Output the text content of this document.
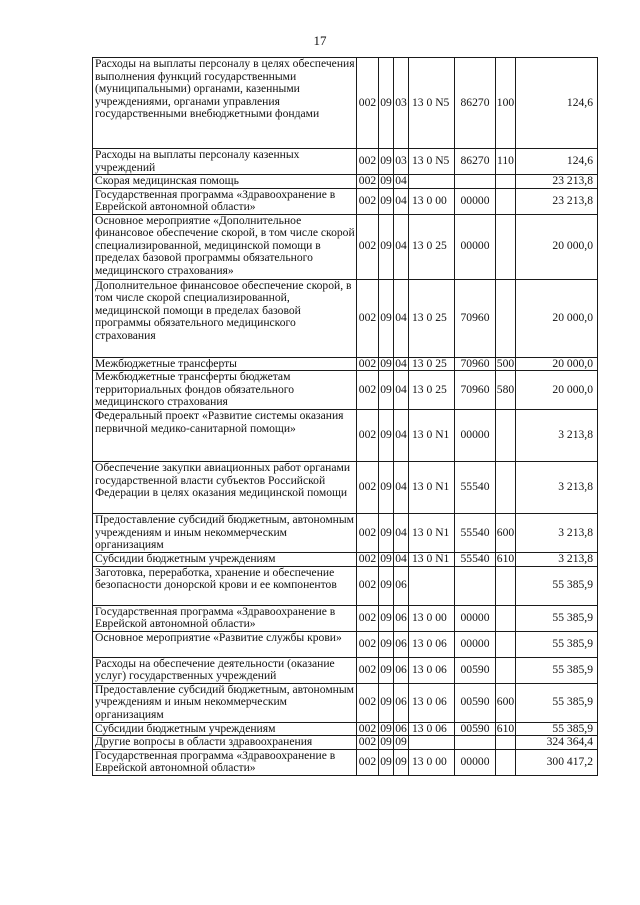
17
Расходы на выплаты персоналу в целях обеспечения выполнения функций государственными (муниципальными) органами, казенными учреждениями, органами управления государственными внебюджетными фондами	002	09	03	13 0 N5	86270	100	124,6
Расходы на выплаты персоналу казенных учреждений	002	09	03	13 0 N5	86270	110	124,6
Скорая медицинская помощь	002	09	04				23 213,8
Государственная программа «Здравоохранение в Еврейской автономной области»	002	09	04	13 0 00	00000		23 213,8
Основное мероприятие «Дополнительное финансовое обеспечение скорой, в том числе скорой специализированной, медицинской помощи в пределах базовой программы обязательного медицинского страхования»	002	09	04	13 0 25	00000		20 000,0
Дополнительное финансовое обеспечение скорой, в том числе скорой специализированной, медицинской помощи в пределах базовой программы обязательного медицинского страхования	002	09	04	13 0 25	70960		20 000,0
Межбюджетные трансферты	002	09	04	13 0 25	70960	500	20 000,0
Межбюджетные трансферты бюджетам территориальных фондов обязательного медицинского страхования	002	09	04	13 0 25	70960	580	20 000,0
Федеральный проект «Развитие системы оказания первичной медико-санитарной помощи»	002	09	04	13 0 N1	00000		3 213,8
Обеспечение закупки авиационных работ органами государственной власти субъектов Российской Федерации в целях оказания медицинской помощи	002	09	04	13 0 N1	55540		3 213,8
Предоставление субсидий бюджетным, автономным учреждениям и иным некоммерческим организациям	002	09	04	13 0 N1	55540	600	3 213,8
Субсидии бюджетным учреждениям	002	09	04	13 0 N1	55540	610	3 213,8
Заготовка, переработка, хранение и обеспечение безопасности донорской крови и ее компонентов	002	09	06				55 385,9
Государственная программа «Здравоохранение в Еврейской автономной области»	002	09	06	13 0 00	00000		55 385,9
Основное мероприятие «Развитие службы крови»	002	09	06	13 0 06	00000		55 385,9
Расходы на обеспечение деятельности (оказание услуг) государственных учреждений	002	09	06	13 0 06	00590		55 385,9
Предоставление субсидий бюджетным, автономным учреждениям и иным некоммерческим организациям	002	09	06	13 0 06	00590	600	55 385,9
Субсидии бюджетным учреждениям	002	09	06	13 0 06	00590	610	55 385,9
Другие вопросы в области здравоохранения	002	09	09				324 364,4
Государственная программа «Здравоохранение в Еврейской автономной области»	002	09	09	13 0 00	00000		300 417,2
